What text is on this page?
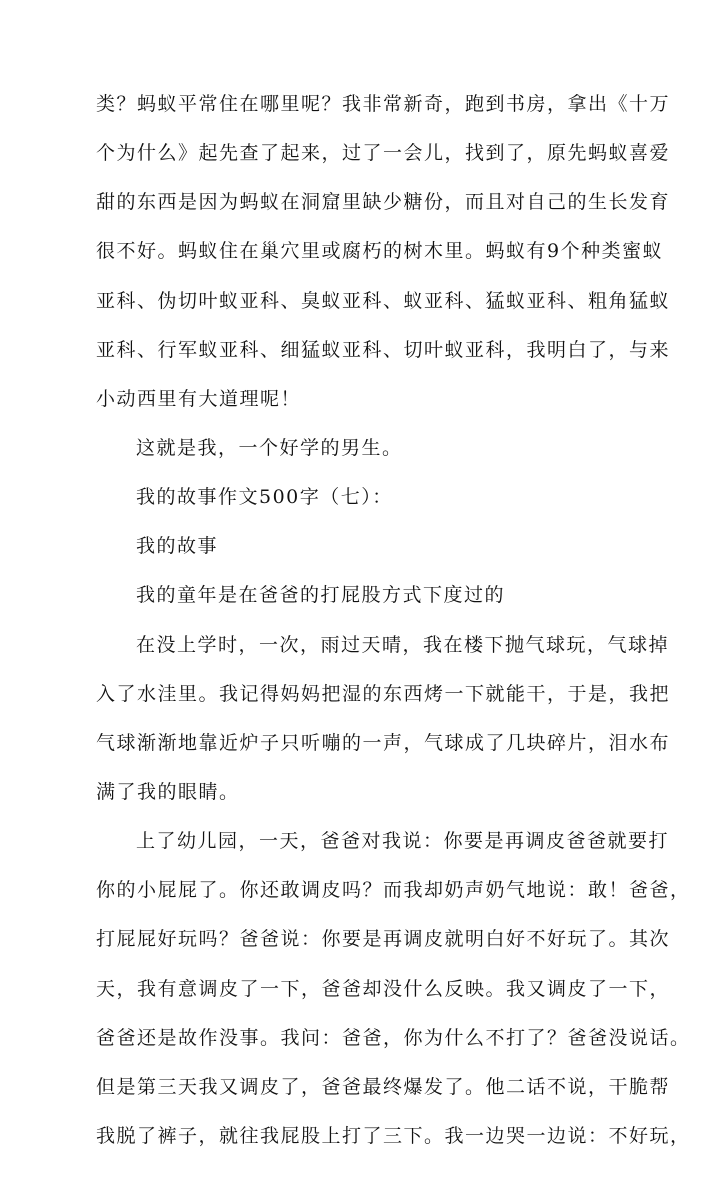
类？蚂蚁平常住在哪里呢？我非常新奇，跑到书房，拿出《十万
个为什么》起先查了起来，过了一会儿，找到了，原先蚂蚁喜爱
甜的东西是因为蚂蚁在洞窟里缺少糖份，而且对自己的生长发育
很不好。蚂蚁住在巢穴里或腐朽的树木里。蚂蚁有9个种类蜜蚁
亚科、伪切叶蚁亚科、臭蚁亚科、蚁亚科、猛蚁亚科、粗角猛蚁
亚科、行军蚁亚科、细猛蚁亚科、切叶蚁亚科，我明白了，与来
小动西里有大道理呢！
这就是我，一个好学的男生。
我的故事作文500字（七）：
我的故事
我的童年是在爸爸的打屁股方式下度过的
在没上学时，一次，雨过天晴，我在楼下抛气球玩，气球掉
入了水洼里。我记得妈妈把湿的东西烤一下就能干，于是，我把
气球渐渐地靠近炉子只听嘣的一声，气球成了几块碎片，泪水布
满了我的眼睛。
上了幼儿园，一天，爸爸对我说：你要是再调皮爸爸就要打
你的小屁屁了。你还敢调皮吗？而我却奶声奶气地说：敢！爸爸，
打屁屁好玩吗？爸爸说：你要是再调皮就明白好不好玩了。其次
天，我有意调皮了一下，爸爸却没什么反映。我又调皮了一下，
爸爸还是故作没事。我问：爸爸，你为什么不打了？爸爸没说话。
但是第三天我又调皮了，爸爸最终爆发了。他二话不说，干脆帮
我脱了裤子，就往我屁股上打了三下。我一边哭一边说：不好玩，
